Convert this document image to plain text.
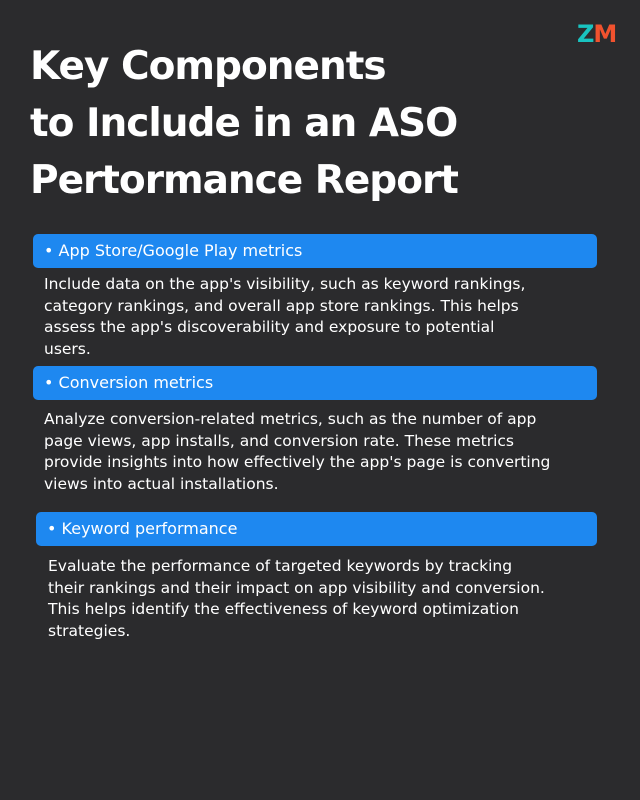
ZM
Key Components
to Include in an ASO
Pertormance Report
• App Store/Google Play metrics
Include data on the app's visibility, such as keyword rankings,
category rankings, and overall app store rankings. This helps
assess the app's discoverability and exposure to potential
users.
• Conversion metrics
Analyze conversion-related metrics, such as the number of app
page views, app installs, and conversion rate. These metrics
provide insights into how effectively the app's page is converting
views into actual installations.
• Keyword performance
Evaluate the performance of targeted keywords by tracking
their rankings and their impact on app visibility and conversion.
This helps identify the effectiveness of keyword optimization
strategies.
